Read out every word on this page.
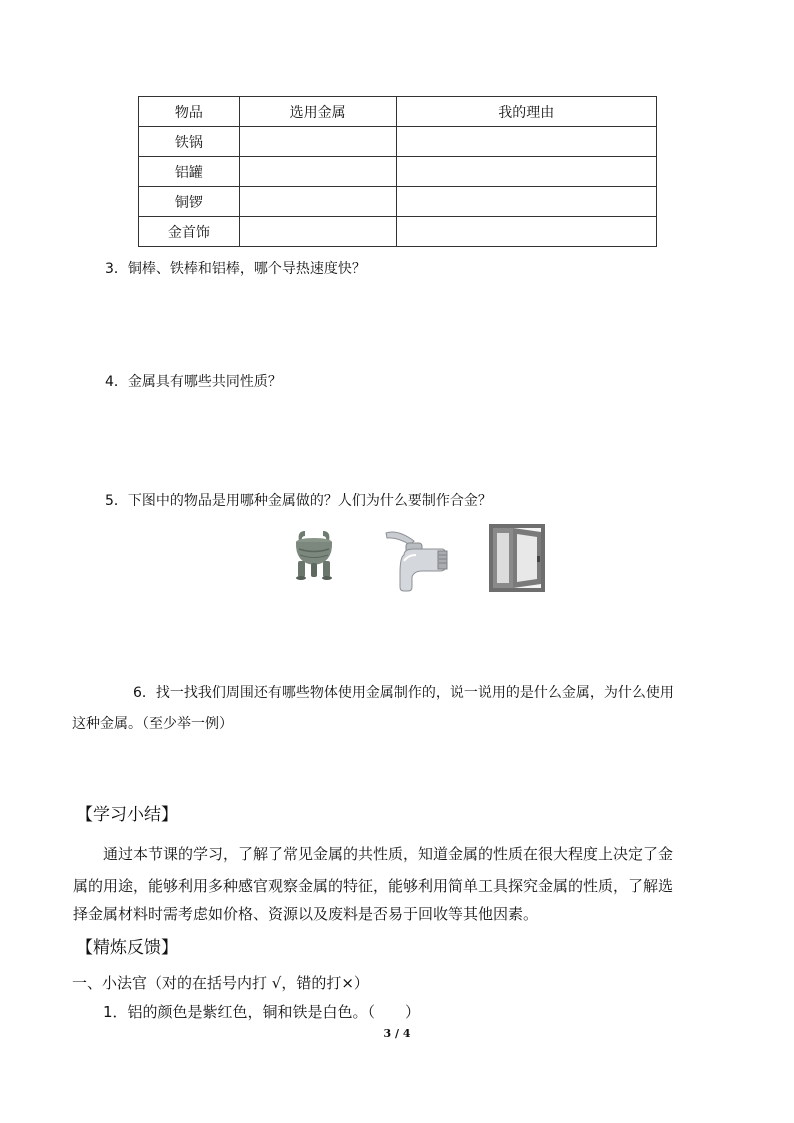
物品	选用金属	我的理由
铁锅		
铝罐		
铜锣		
金首饰		
3．铜棒、铁棒和铝棒，哪个导热速度快？
4．金属具有哪些共同性质？
5．下图中的物品是用哪种金属做的？人们为什么要制作合金？
6．找一找我们周围还有哪些物体使用金属制作的，说一说用的是什么金属，为什么使用
这种金属。（至少举一例）
【学习小结】
通过本节课的学习，了解了常见金属的共性质，知道金属的性质在很大程度上决定了金
属的用途，能够利用多种感官观察金属的特征，能够利用简单工具探究金属的性质，了解选
择金属材料时需考虑如价格、资源以及废料是否易于回收等其他因素。
【精炼反馈】
一、小法官（对的在括号内打 √，错的打×）
1．铝的颜色是紫红色，铜和铁是白色。（　　）
3 / 4
